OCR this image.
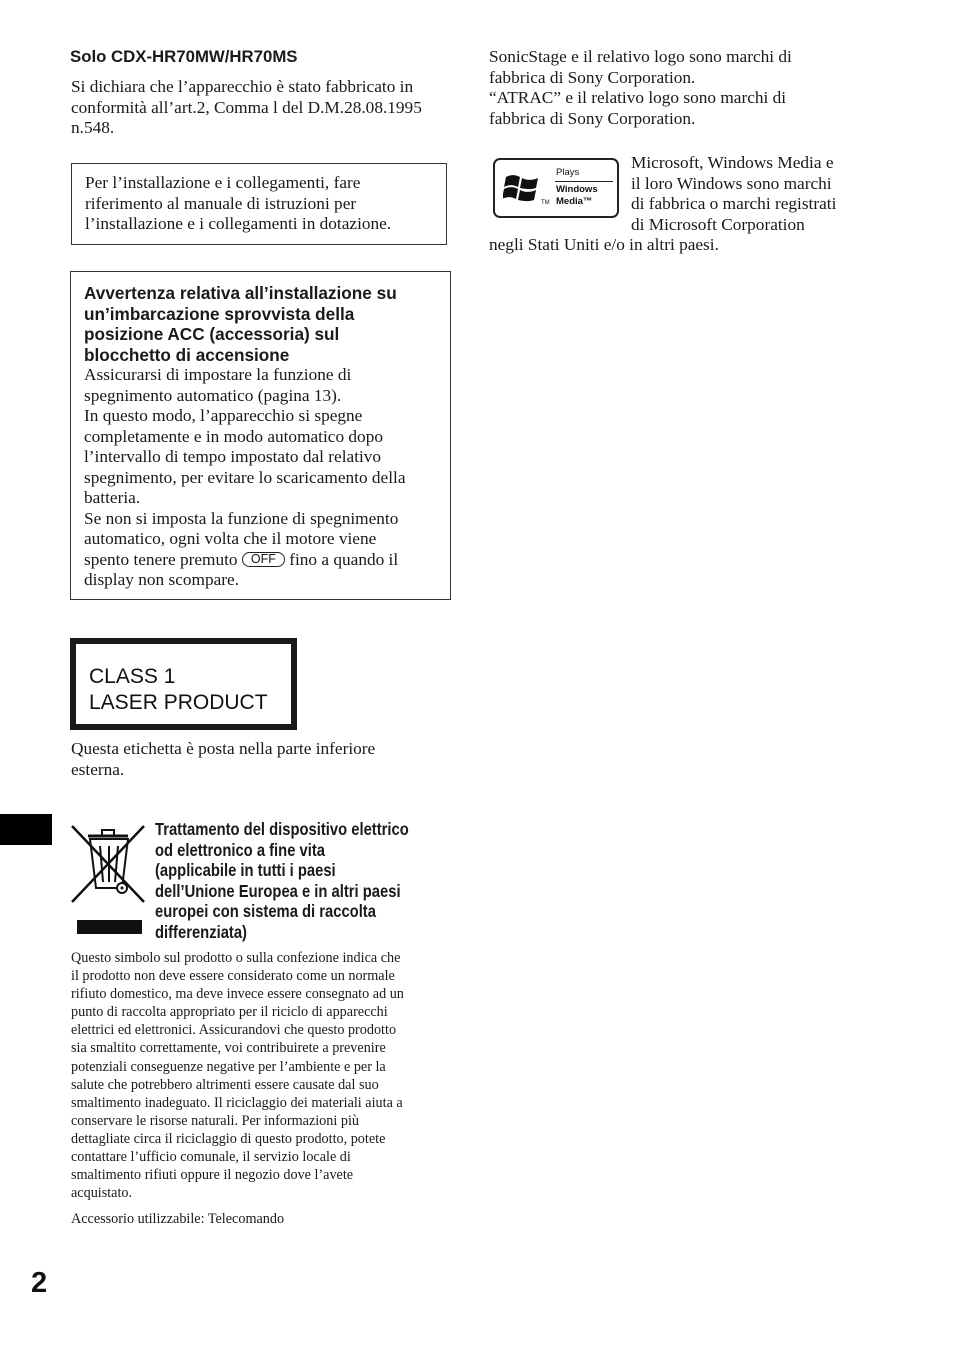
Solo CDX-HR70MW/HR70MS
Si dichiara che l’apparecchio è stato fabbricato in
conformità all’art.2, Comma l del D.M.28.08.1995
n.548.
Per l’installazione e i collegamenti, fare
riferimento al manuale di istruzioni per
l’installazione e i collegamenti in dotazione.
Avvertenza relativa all’installazione su
un’imbarcazione sprovvista della
posizione ACC (accessoria) sul
blocchetto di accensione
Assicurarsi di impostare la funzione di
spegnimento automatico (pagina 13).
In questo modo, l’apparecchio si spegne
completamente e in modo automatico dopo
l’intervallo di tempo impostato dal relativo
spegnimento, per evitare lo scaricamento della
batteria.
Se non si imposta la funzione di spegnimento
automatico, ogni volta che il motore viene
spento tenere premuto OFF fino a quando il
display non scompare.
CLASS 1
LASER PRODUCT
Questa etichetta è posta nella parte inferiore
esterna.
Trattamento del dispositivo elettrico
od elettronico a fine vita
(applicabile in tutti i paesi
dell’Unione Europea e in altri paesi
europei con sistema di raccolta
differenziata)
Questo simbolo sul prodotto o sulla confezione indica che
il prodotto non deve essere considerato come un normale
rifiuto domestico, ma deve invece essere consegnato ad un
punto di raccolta appropriato per il riciclo di apparecchi
elettrici ed elettronici. Assicurandovi che questo prodotto
sia smaltito correttamente, voi contribuirete a prevenire
potenziali conseguenze negative per l’ambiente e per la
salute che potrebbero altrimenti essere causate dal suo
smaltimento inadeguato. Il riciclaggio dei materiali aiuta a
conservare le risorse naturali. Per informazioni più
dettagliate circa il riciclaggio di questo prodotto, potete
contattare l’ufficio comunale, il servizio locale di
smaltimento rifiuti oppure il negozio dove l’avete
acquistato.
Accessorio utilizzabile: Telecomando
2
SonicStage e il relativo logo sono marchi di
fabbrica di Sony Corporation.
“ATRAC” e il relativo logo sono marchi di
fabbrica di Sony Corporation.
TM
Plays
Windows
Media™
Microsoft, Windows Media e
il loro Windows sono marchi
di fabbrica o marchi registrati
di Microsoft Corporation
negli Stati Uniti e/o in altri paesi.
